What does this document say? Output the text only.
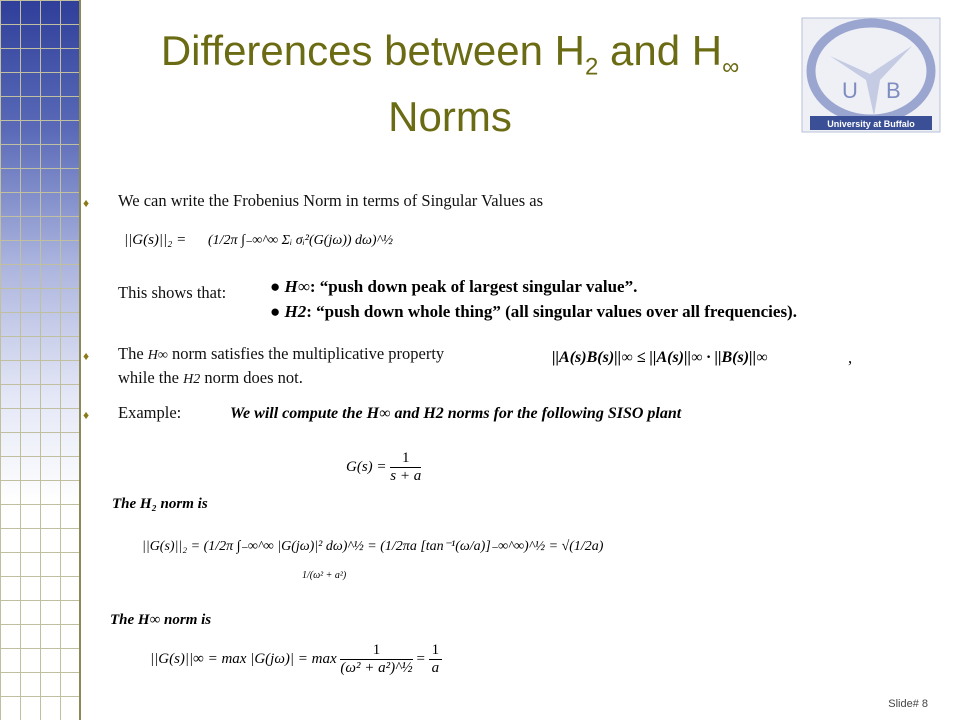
Differences between $H_2$ and $H_\infty$
Norms
U B
University at Buffalo
♦ We can write the Frobenius Norm in terms of Singular Values as
||G(s)||₂ = (1/2π ∫₋∞^∞ Σᵢ σᵢ²(G(jω)) dω)^½
This shows that:	● H∞: “push down peak of largest singular value”.
● H2: “push down whole thing” (all singular values over all frequencies).
♦ The H∞ norm satisfies the multiplicative property	||A(s)B(s)||∞ ≤ ||A(s)||∞ · ||B(s)||∞	,
while the H2 norm does not.
♦ Example:	We will compute the H∞ and H2 norms for the following SISO plant
$G(s) = \frac{1}{s + a}$
The H₂ norm is
||G(s)||₂ = (1/2π ∫₋∞^∞ |G(jω)|² dω)^½ = (1/2πa [tan⁻¹(ω/a)]₋∞^∞)^½ = √(1/2a)
1/(ω² + a²)
The H∞ norm is
$||G(s)||\infty = \max |G(j\omega)| = \max \frac{1}{\text{(ω² + a²)\textasciicircum{}½}} = \frac{1}{a}$
Slide# 8
